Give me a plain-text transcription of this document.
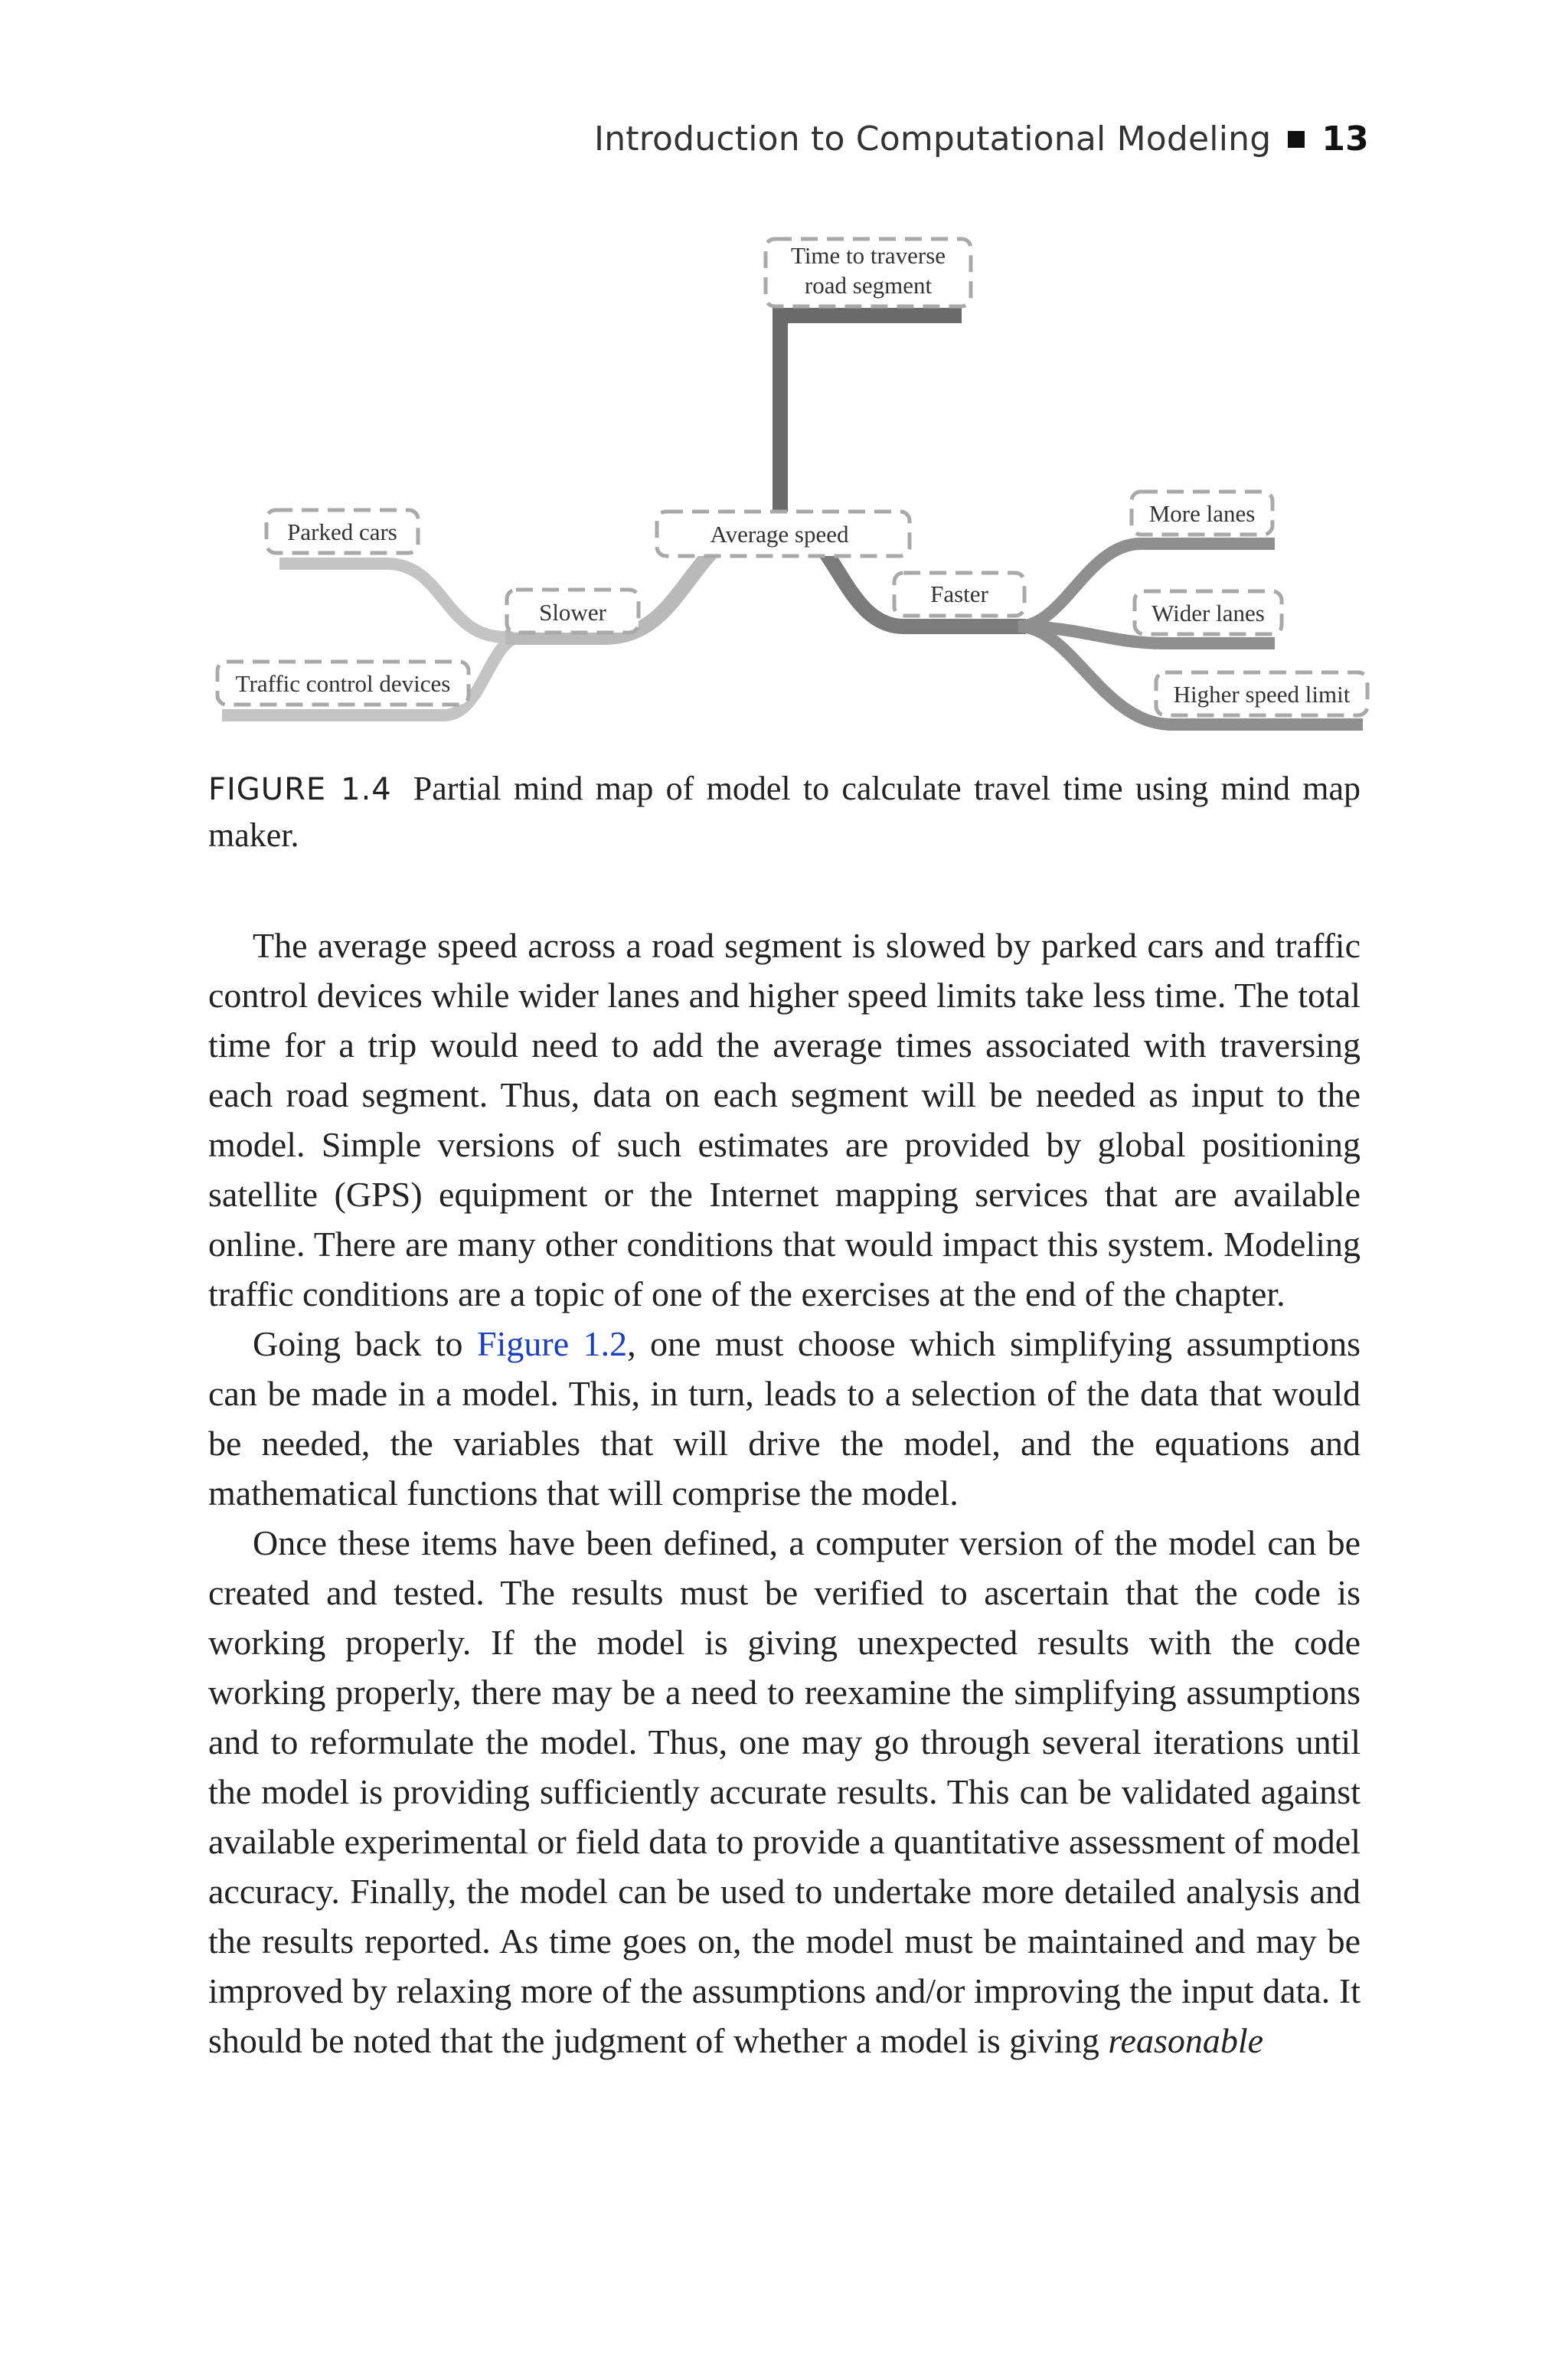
Introduction to Computational Modeling 13
Time to traverse
road segment
Average speed
Parked cars
Slower
Traffic control devices
Faster
More lanes
Wider lanes
Higher speed limit
FIGURE 1.4 Partial mind map of model to calculate travel time using mind map maker.

The average speed across a road segment is slowed by parked cars and traffic control devices while wider lanes and higher speed limits take less time. The total time for a trip would need to add the average times associated with traversing each road segment. Thus, data on each segment will be needed as input to the model. Simple versions of such estimates are provided by global positioning satellite (GPS) equipment or the Internet mapping services that are available online. There are many other conditions that would impact this system. Modeling traffic conditions are a topic of one of the exercises at the end of the chapter.

Going back to Figure 1.2, one must choose which simplifying assumptions can be made in a model. This, in turn, leads to a selection of the data that would be needed, the variables that will drive the model, and the equations and mathematical functions that will comprise the model.

Once these items have been defined, a computer version of the model can be created and tested. The results must be verified to ascertain that the code is working properly. If the model is giving unexpected results with the code working properly, there may be a need to reexamine the simplifying assumptions and to reformulate the model. Thus, one may go through several iterations until the model is providing sufficiently accurate results. This can be validated against available experimental or field data to provide a quantitative assessment of model accuracy. Finally, the model can be used to undertake more detailed analysis and the results reported. As time goes on, the model must be maintained and may be improved by relaxing more of the assumptions and/or improving the input data. It should be noted that the judgment of whether a model is giving reasonable
